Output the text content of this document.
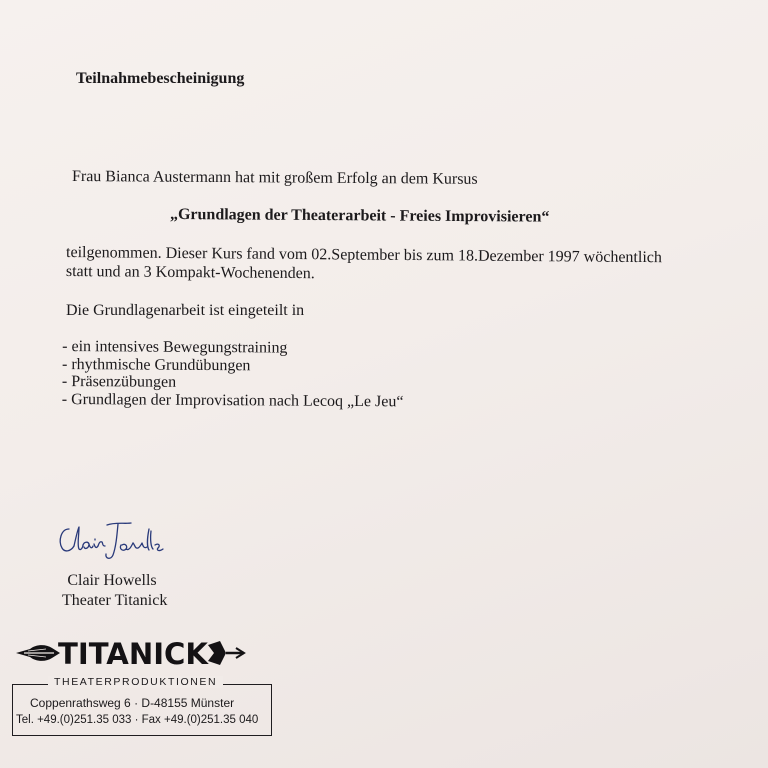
Teilnahmebescheinigung
Frau Bianca Austermann hat mit großem Erfolg an dem Kursus
„Grundlagen der Theaterarbeit - Freies Improvisieren“
teilgenommen. Dieser Kurs fand vom 02.September bis zum 18.Dezember 1997 wöchentlich
statt und an 3 Kompakt-Wochenenden.
Die Grundlagenarbeit ist eingeteilt in
- ein intensives Bewegungstraining
- rhythmische Grundübungen
- Präsenzübungen
- Grundlagen der Improvisation nach Lecoq „Le Jeu“
Clair Howells
Theater Titanick
TITANICK
THEATERPRODUKTIONEN
Coppenrathsweg 6 · D-48155 Münster
Tel. +49.(0)251.35 033 · Fax +49.(0)251.35 040
